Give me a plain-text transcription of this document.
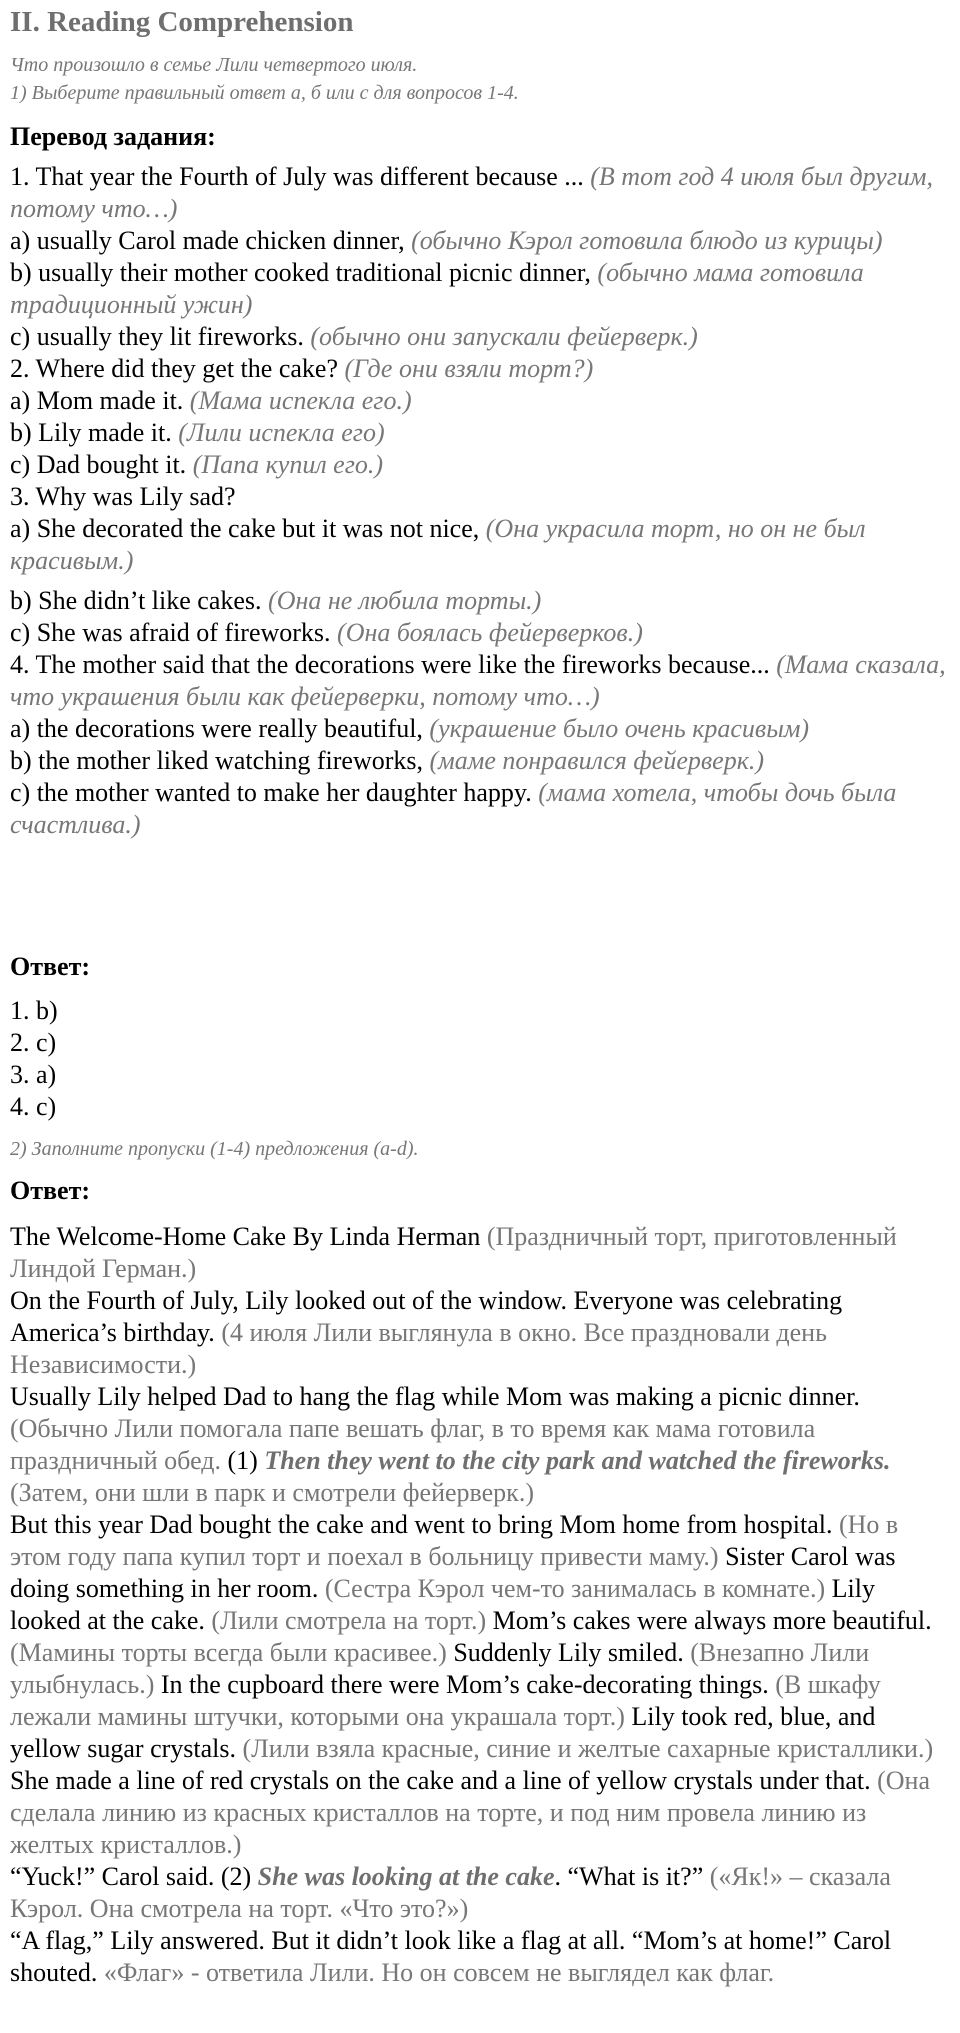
II. Reading Comprehension
Что произошло в семье Лили четвертого июля.
1) Выберите правильный ответ a, б или c для вопросов 1-4.
Перевод задания:
1. That year the Fourth of July was different because ... (В тот год 4 июля был другим, потому что…)
a) usually Carol made chicken dinner, (обычно Кэрол готовила блюдо из курицы)
b) usually their mother cooked traditional picnic dinner, (обычно мама готовила традиционный ужин)
c) usually they lit fireworks. (обычно они запускали фейерверк.)
2. Where did they get the cake? (Где они взяли торт?)
a) Mom made it. (Мама испекла его.)
b) Lily made it. (Лили испекла его)
c) Dad bought it. (Папа купил его.)
3. Why was Lily sad?
a) She decorated the cake but it was not nice, (Она украсила торт, но он не был красивым.)
b) She didn’t like cakes. (Она не любила торты.)
c) She was afraid of fireworks. (Она боялась фейерверков.)
4. The mother said that the decorations were like the fireworks because... (Мама сказала, что украшения были как фейерверки, потому что…)
a) the decorations were really beautiful, (украшение было очень красивым)
b) the mother liked watching fireworks, (маме понравился фейерверк.)
c) the mother wanted to make her daughter happy. (мама хотела, чтобы дочь была счастлива.)
Ответ:
1. b)
2. c)
3. a)
4. c)
2) Заполните пропуски (1-4) предложения (a-d).
Ответ:
The Welcome-Home Cake By Linda Herman (Праздничный торт, приготовленный Линдой Герман.)
On the Fourth of July, Lily looked out of the window. Everyone was celebrating America’s birthday. (4 июля Лили выглянула в окно. Все праздновали день Независимости.)
Usually Lily helped Dad to hang the flag while Mom was making a picnic dinner. (Обычно Лили помогала папе вешать флаг, в то время как мама готовила праздничный обед. (1) Then they went to the city park and watched the fireworks. (Затем, они шли в парк и смотрели фейерверк.)
But this year Dad bought the cake and went to bring Mom home from hospital. (Но в этом году папа купил торт и поехал в больницу привести маму.) Sister Carol was doing something in her room. (Сестра Кэрол чем-то занималась в комнате.) Lily looked at the cake. (Лили смотрела на торт.) Mom’s cakes were always more beautiful. (Мамины торты всегда были красивее.) Suddenly Lily smiled. (Внезапно Лили улыбнулась.) In the cupboard there were Mom’s cake-decorating things. (В шкафу лежали мамины штучки, которыми она украшала торт.) Lily took red, blue, and yellow sugar crystals. (Лили взяла красные, синие и желтые сахарные кристаллики.) She made a line of red crystals on the cake and a line of yellow crystals under that. (Она сделала линию из красных кристаллов на торте, и под ним провела линию из желтых кристаллов.)
“Yuck!” Carol said. (2) She was looking at the cake. “What is it?” («Як!» – сказала Кэрол. Она смотрела на торт. «Что это?»)
“A flag,” Lily answered. But it didn’t look like a flag at all. “Mom’s at home!” Carol shouted. «Флаг» - ответила Лили. Но он совсем не выглядел как флаг.
